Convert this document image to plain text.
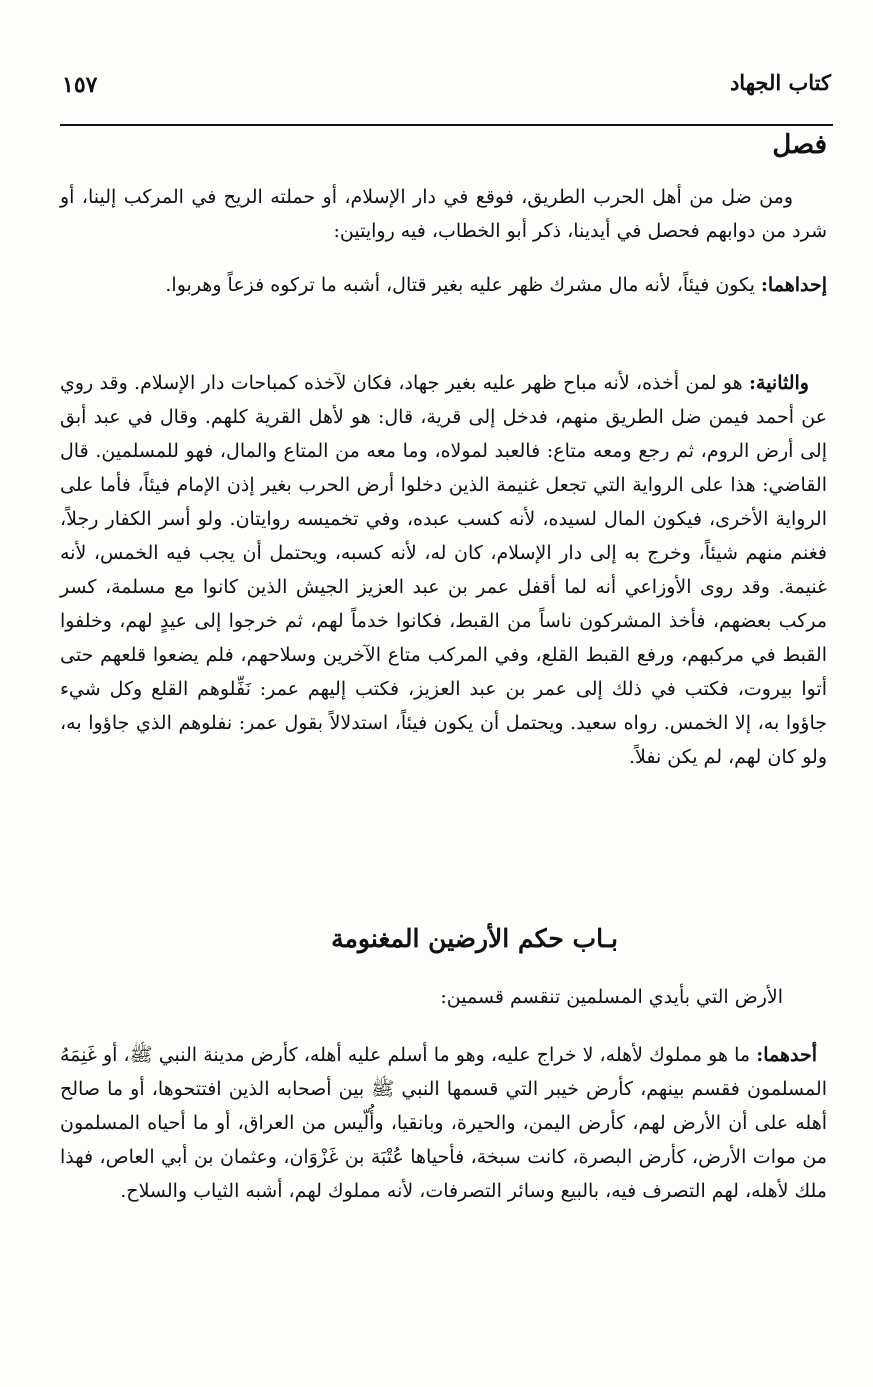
كتاب الجهاد
١٥٧
فصل

ومن ضل من أهل الحرب الطريق، فوقع في دار الإسلام، أو حملته الريح في المركب إلينا، أو شرد من دوابهم فحصل في أيدينا، ذكر أبو الخطاب، فيه روايتين:

إحداهما: يكون فيئاً، لأنه مال مشرك ظهر عليه بغير قتال، أشبه ما تركوه فزعاً وهربوا.

والثانية: هو لمن أخذه، لأنه مباح ظهر عليه بغير جهاد، فكان لآخذه كمباحات دار الإسلام. وقد روي عن أحمد فيمن ضل الطريق منهم، فدخل إلى قرية، قال: هو لأهل القرية كلهم. وقال في عبد أبق إلى أرض الروم، ثم رجع ومعه متاع: فالعبد لمولاه، وما معه من المتاع والمال، فهو للمسلمين. قال القاضي: هذا على الرواية التي تجعل غنيمة الذين دخلوا أرض الحرب بغير إذن الإمام فيئاً، فأما على الرواية الأخرى، فيكون المال لسيده، لأنه كسب عبده، وفي تخميسه روايتان. ولو أسر الكفار رجلاً، فغنم منهم شيئاً، وخرج به إلى دار الإسلام، كان له، لأنه كسبه، ويحتمل أن يجب فيه الخمس، لأنه غنيمة. وقد روى الأوزاعي أنه لما أقفل عمر بن عبد العزيز الجيش الذين كانوا مع مسلمة، كسر مركب بعضهم، فأخذ المشركون ناساً من القبط، فكانوا خدماً لهم، ثم خرجوا إلى عيدٍ لهم، وخلفوا القبط في مركبهم، ورفع القبط القلع، وفي المركب متاع الآخرين وسلاحهم، فلم يضعوا قلعهم حتى أتوا بيروت، فكتب في ذلك إلى عمر بن عبد العزيز، فكتب إليهم عمر: نَفِّلوهم القلع وكل شيء جاؤوا به، إلا الخمس. رواه سعيد. ويحتمل أن يكون فيئاً، استدلالاً بقول عمر: نفلوهم الذي جاؤوا به، ولو كان لهم، لم يكن نفلاً.

بـاب حكم الأرضين المغنومة

الأرض التي بأيدي المسلمين تنقسم قسمين:

أحدهما: ما هو مملوك لأهله، لا خراج عليه، وهو ما أسلم عليه أهله، كأرض مدينة النبي ﷺ، أو غَنِمَهُ المسلمون فقسم بينهم، كأرض خيبر التي قسمها النبي ﷺ بين أصحابه الذين افتتحوها، أو ما صالح أهله على أن الأرض لهم، كأرض اليمن، والحيرة، وبانقيا، وأُلّيس من العراق، أو ما أحياه المسلمون من موات الأرض، كأرض البصرة، كانت سبخة، فأحياها عُتْبَة بن غَزْوَان، وعثمان بن أبي العاص، فهذا ملك لأهله، لهم التصرف فيه، بالبيع وسائر التصرفات، لأنه مملوك لهم، أشبه الثياب والسلاح.
